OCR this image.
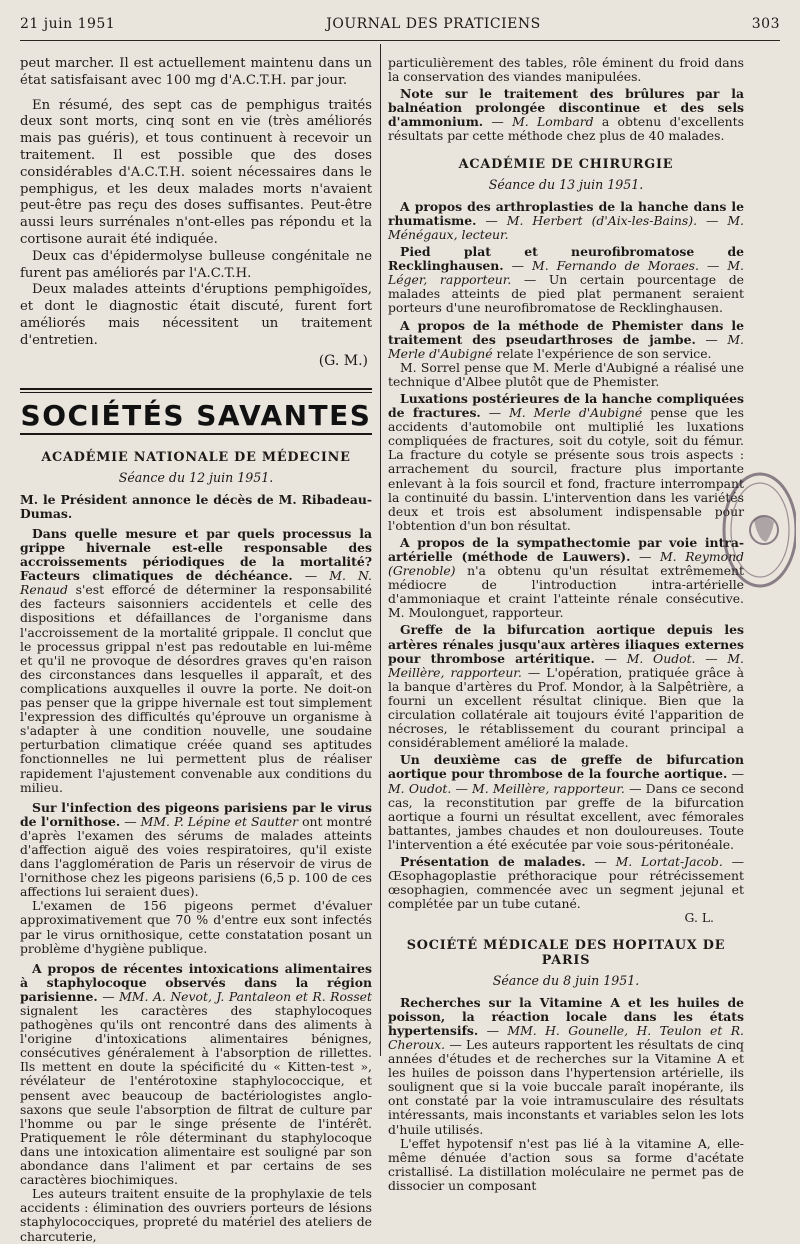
21 juin 1951	JOURNAL DES PRATICIENS	303

peut marcher. Il est actuellement maintenu dans un état satisfaisant avec 100 mg d'A.C.T.H. par jour.

En résumé, des sept cas de pemphigus traités deux sont morts, cinq sont en vie (très améliorés mais pas guéris), et tous continuent à recevoir un traitement. Il est possible que des doses considérables d'A.C.T.H. soient nécessaires dans le pemphigus, et les deux malades morts n'avaient peut-être pas reçu des doses suffisantes. Peut-être aussi leurs surrénales n'ont-elles pas répondu et la cortisone aurait été indiquée.

Deux cas d'épidermolyse bulleuse congénitale ne furent pas améliorés par l'A.C.T.H.

Deux malades atteints d'éruptions pemphigoïdes, et dont le diagnostic était discuté, furent fort améliorés mais nécessitent un traitement d'entretien.

(G. M.)

SOCIÉTÉS SAVANTES
ACADÉMIE NATIONALE DE MÉDECINE
Séance du 12 juin 1951.

M. le Président annonce le décès de M. Ribadeau-Dumas.

Dans quelle mesure et par quels processus la grippe hivernale est-elle responsable des accroissements périodiques de la mortalité? Facteurs climatiques de déchéance. — M. N. Renaud s'est efforcé de déterminer la responsabilité des facteurs saisonniers accidentels et celle des dispositions et défaillances de l'organisme dans l'accroissement de la mortalité grippale. Il conclut que le processus grippal n'est pas redoutable en lui-même et qu'il ne provoque de désordres graves qu'en raison des circonstances dans lesquelles il apparaît, et des complications auxquelles il ouvre la porte. Ne doit-on pas penser que la grippe hivernale est tout simplement l'expression des difficultés qu'éprouve un organisme à s'adapter à une condition nouvelle, une soudaine perturbation climatique créée quand ses aptitudes fonctionnelles ne lui permettent plus de réaliser rapidement l'ajustement convenable aux conditions du milieu.

Sur l'infection des pigeons parisiens par le virus de l'ornithose. — MM. P. Lépine et Sautter ont montré d'après l'examen des sérums de malades atteints d'affection aiguë des voies respiratoires, qu'il existe dans l'agglomération de Paris un réservoir de virus de l'ornithose chez les pigeons parisiens (6,5 p. 100 de ces affections lui seraient dues).

L'examen de 156 pigeons permet d'évaluer approximativement que 70 % d'entre eux sont infectés par le virus ornithosique, cette constatation posant un problème d'hygiène publique.

A propos de récentes intoxications alimentaires à staphylocoque observés dans la région parisienne. — MM. A. Nevot, J. Pantaleon et R. Rosset signalent les caractères des staphylocoques pathogènes qu'ils ont rencontré dans des aliments à l'origine d'intoxications alimentaires bénignes, consécutives généralement à l'absorption de rillettes. Ils mettent en doute la spécificité du « Kitten-test », révélateur de l'entérotoxine staphylococcique, et pensent avec beaucoup de bactériologistes anglo-saxons que seule l'absorption de filtrat de culture par l'homme ou par le singe présente de l'intérêt. Pratiquement le rôle déterminant du staphylocoque dans une intoxication alimentaire est souligné par son abondance dans l'aliment et par certains de ses caractères biochimiques.

Les auteurs traitent ensuite de la prophylaxie de tels accidents : élimination des ouvriers porteurs de lésions staphylococciques, propreté du matériel des ateliers de charcuterie,

particulièrement des tables, rôle éminent du froid dans la conservation des viandes manipulées.

Note sur le traitement des brûlures par la balnéation prolongée discontinue et des sels d'ammonium. — M. Lombard a obtenu d'excellents résultats par cette méthode chez plus de 40 malades.

ACADÉMIE DE CHIRURGIE
Séance du 13 juin 1951.

A propos des arthroplasties de la hanche dans le rhumatisme. — M. Herbert (d'Aix-les-Bains). — M. Ménégaux, lecteur.

Pied plat et neurofibromatose de Recklinghausen. — M. Fernando de Moraes. — M. Léger, rapporteur. — Un certain pourcentage de malades atteints de pied plat permanent seraient porteurs d'une neurofibromatose de Recklinghausen.

A propos de la méthode de Phemister dans le traitement des pseudarthroses de jambe. — M. Merle d'Aubigné relate l'expérience de son service.

M. Sorrel pense que M. Merle d'Aubigné a réalisé une technique d'Albee plutôt que de Phemister.

Luxations postérieures de la hanche compliquées de fractures. — M. Merle d'Aubigné pense que les accidents d'automobile ont multiplié les luxations compliquées de fractures, soit du cotyle, soit du fémur. La fracture du cotyle se présente sous trois aspects : arrachement du sourcil, fracture plus importante enlevant à la fois sourcil et fond, fracture interrompant la continuité du bassin. L'intervention dans les variétés deux et trois est absolument indispensable pour l'obtention d'un bon résultat.

A propos de la sympathectomie par voie intra-artérielle (méthode de Lauwers). — M. Reymond (Grenoble) n'a obtenu qu'un résultat extrêmement médiocre de l'introduction intra-artérielle d'ammoniaque et craint l'atteinte rénale consécutive. M. Moulonguet, rapporteur.

Greffe de la bifurcation aortique depuis les artères rénales jusqu'aux artères iliaques externes pour thrombose artéritique. — M. Oudot. — M. Meillère, rapporteur. — L'opération, pratiquée grâce à la banque d'artères du Prof. Mondor, à la Salpêtrière, a fourni un excellent résultat clinique. Bien que la circulation collatérale ait toujours évité l'apparition de nécroses, le rétablissement du courant principal a considérablement amélioré la malade.

Un deuxième cas de greffe de bifurcation aortique pour thrombose de la fourche aortique. — M. Oudot. — M. Meillère, rapporteur. — Dans ce second cas, la reconstitution par greffe de la bifurcation aortique a fourni un résultat excellent, avec fémorales battantes, jambes chaudes et non douloureuses. Toute l'intervention a été exécutée par voie sous-péritonéale.

Présentation de malades. — M. Lortat-Jacob. — Œsophagoplastie préthoracique pour rétrécissement œsophagien, commencée avec un segment jejunal et complétée par un tube cutané.

G. L.

SOCIÉTÉ MÉDICALE DES HOPITAUX DE PARIS
Séance du 8 juin 1951.

Recherches sur la Vitamine A et les huiles de poisson, la réaction locale dans les états hypertensifs. — MM. H. Gounelle, H. Teulon et R. Cheroux. — Les auteurs rapportent les résultats de cinq années d'études et de recherches sur la Vitamine A et les huiles de poisson dans l'hypertension artérielle, ils soulignent que si la voie buccale paraît inopérante, ils ont constaté par la voie intramusculaire des résultats intéressants, mais inconstants et variables selon les lots d'huile utilisés.

L'effet hypotensif n'est pas lié à la vitamine A, elle-même dénuée d'action sous sa forme d'acétate cristallisé. La distillation moléculaire ne permet pas de dissocier un composant
